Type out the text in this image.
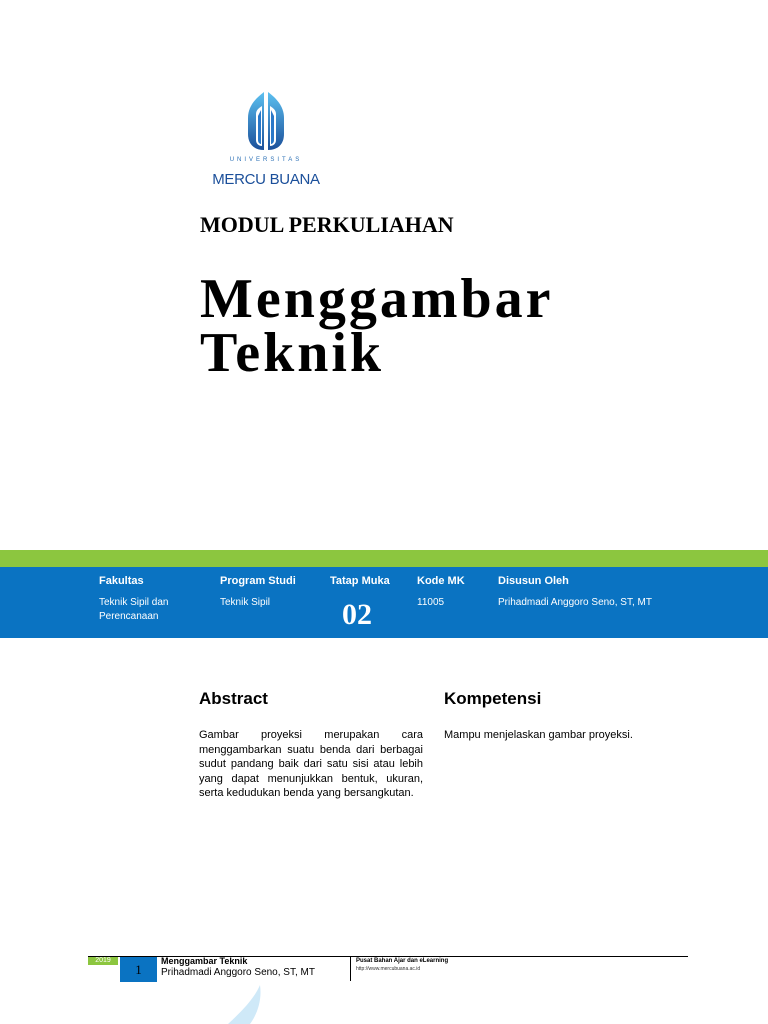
UNIVERSITAS
MERCU BUANA
MODUL PERKULIAHAN
Menggambar
Teknik
Fakultas
Teknik Sipil dan
Perencanaan
Program Studi
Teknik Sipil
Tatap Muka
02
Kode MK
11005
Disusun Oleh
Prihadmadi Anggoro Seno, ST, MT
Abstract
Gambar proyeksi merupakan cara menggambarkan suatu benda dari berbagai sudut pandang baik dari satu sisi atau lebih yang dapat menunjukkan bentuk, ukuran, serta kedudukan benda yang bersangkutan.
Kompetensi
Mampu menjelaskan gambar proyeksi.
2019
1
Menggambar Teknik
Prihadmadi Anggoro Seno, ST, MT
Pusat Bahan Ajar dan eLearning
http://www.mercubuana.ac.id
